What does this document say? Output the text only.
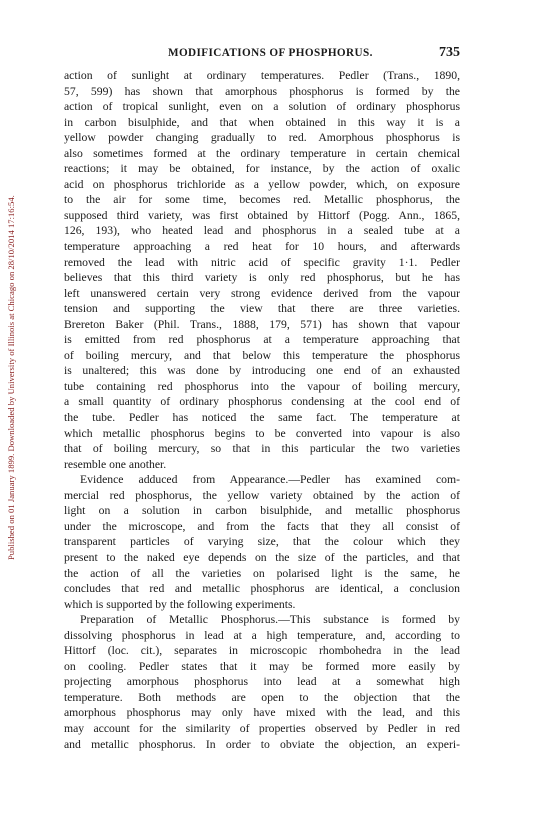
Published on 01 January 1899. Downloaded by University of Illinois at Chicago on 28/10/2014 17:16:54.
MODIFICATIONS OF PHOSPHORUS.	735
action of sunlight at ordinary temperatures. Pedler (Trans., 1890,
57, 599) has shown that amorphous phosphorus is formed by the
action of tropical sunlight, even on a solution of ordinary phosphorus
in carbon bisulphide, and that when obtained in this way it is a
yellow powder changing gradually to red. Amorphous phosphorus is
also sometimes formed at the ordinary temperature in certain chemical
reactions; it may be obtained, for instance, by the action of oxalic
acid on phosphorus trichloride as a yellow powder, which, on exposure
to the air for some time, becomes red. Metallic phosphorus, the
supposed third variety, was first obtained by Hittorf (Pogg. Ann., 1865,
126, 193), who heated lead and phosphorus in a sealed tube at a
temperature approaching a red heat for 10 hours, and afterwards
removed the lead with nitric acid of specific gravity 1·1. Pedler
believes that this third variety is only red phosphorus, but he has
left unanswered certain very strong evidence derived from the vapour
tension and supporting the view that there are three varieties.
Brereton Baker (Phil. Trans., 1888, 179, 571) has shown that vapour
is emitted from red phosphorus at a temperature approaching that
of boiling mercury, and that below this temperature the phosphorus
is unaltered; this was done by introducing one end of an exhausted
tube containing red phosphorus into the vapour of boiling mercury,
a small quantity of ordinary phosphorus condensing at the cool end of
the tube. Pedler has noticed the same fact. The temperature at
which metallic phosphorus begins to be converted into vapour is also
that of boiling mercury, so that in this particular the two varieties
resemble one another.
Evidence adduced from Appearance.—Pedler has examined com-
mercial red phosphorus, the yellow variety obtained by the action of
light on a solution in carbon bisulphide, and metallic phosphorus
under the microscope, and from the facts that they all consist of
transparent particles of varying size, that the colour which they
present to the naked eye depends on the size of the particles, and that
the action of all the varieties on polarised light is the same, he
concludes that red and metallic phosphorus are identical, a conclusion
which is supported by the following experiments.
Preparation of Metallic Phosphorus.—This substance is formed by
dissolving phosphorus in lead at a high temperature, and, according to
Hittorf (loc. cit.), separates in microscopic rhombohedra in the lead
on cooling. Pedler states that it may be formed more easily by
projecting amorphous phosphorus into lead at a somewhat high
temperature. Both methods are open to the objection that the
amorphous phosphorus may only have mixed with the lead, and this
may account for the similarity of properties observed by Pedler in red
and metallic phosphorus. In order to obviate the objection, an experi-
